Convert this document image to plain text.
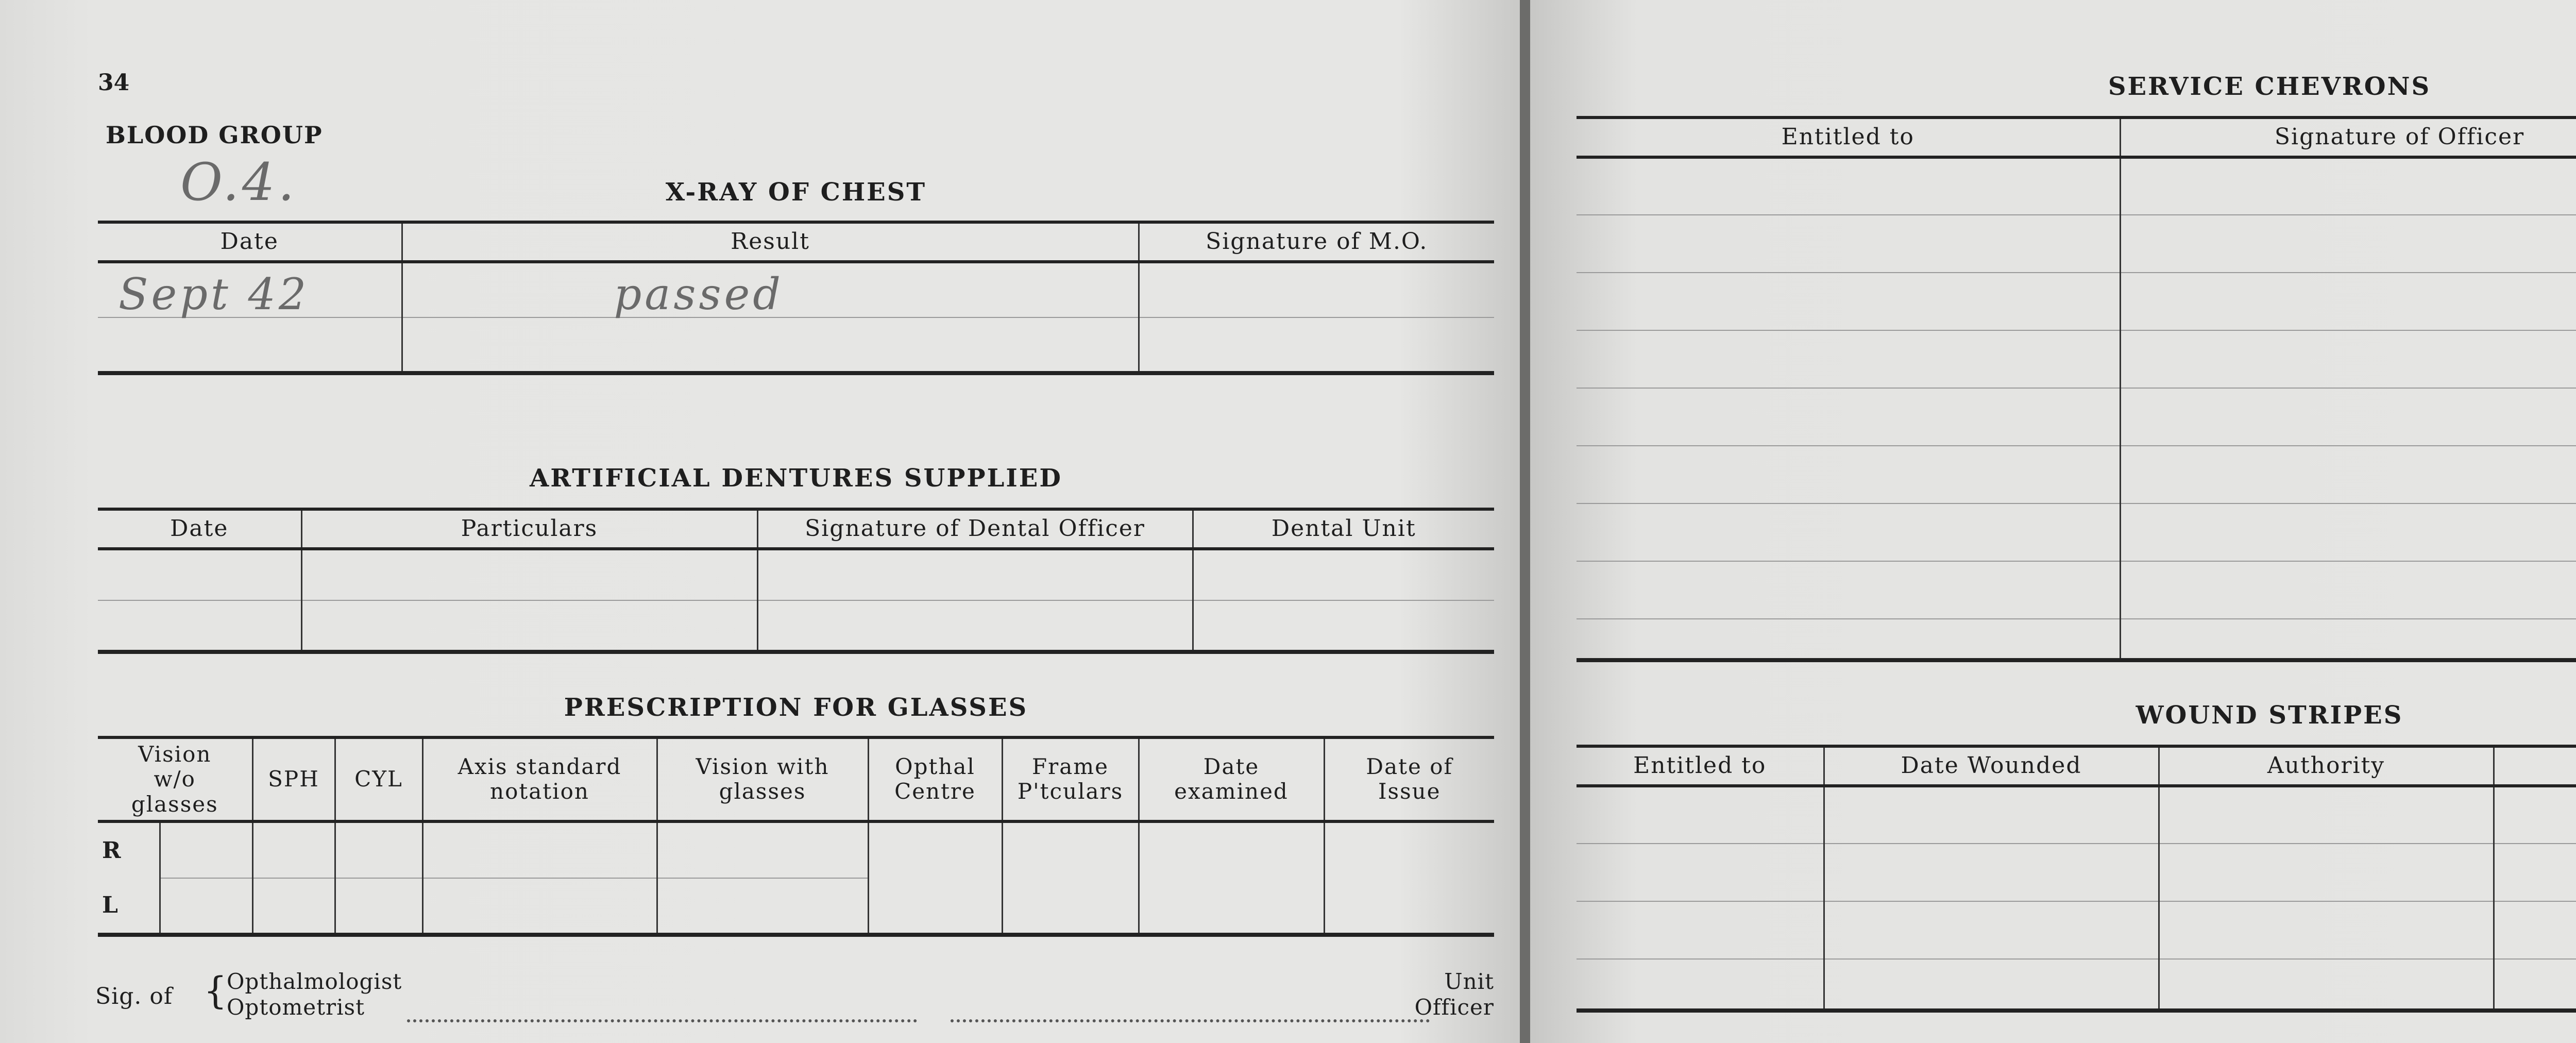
34
BLOOD GROUP
O.4.	X-RAY OF CHEST
Date	Result	Signature of M.O.
Sept 42	passed	

ARTIFICIAL DENTURES SUPPLIED
Date	Particulars	Signature of Dental Officer	Dental Unit

PRESCRIPTION FOR GLASSES
Vision w/o glasses		SPH	CYL	Axis standard notation	Vision with glasses	Opthal Centre	Frame P'tculars	Date examined	Date of Issue
R									
L									
Sig. of {
Opthalmologist
Optometrist
Unit
Officer
SERVICE CHEVRONS
Entitled to	Signature of Officer	

WOUND STRIPES
Entitled to	Date Wounded	Authority	
